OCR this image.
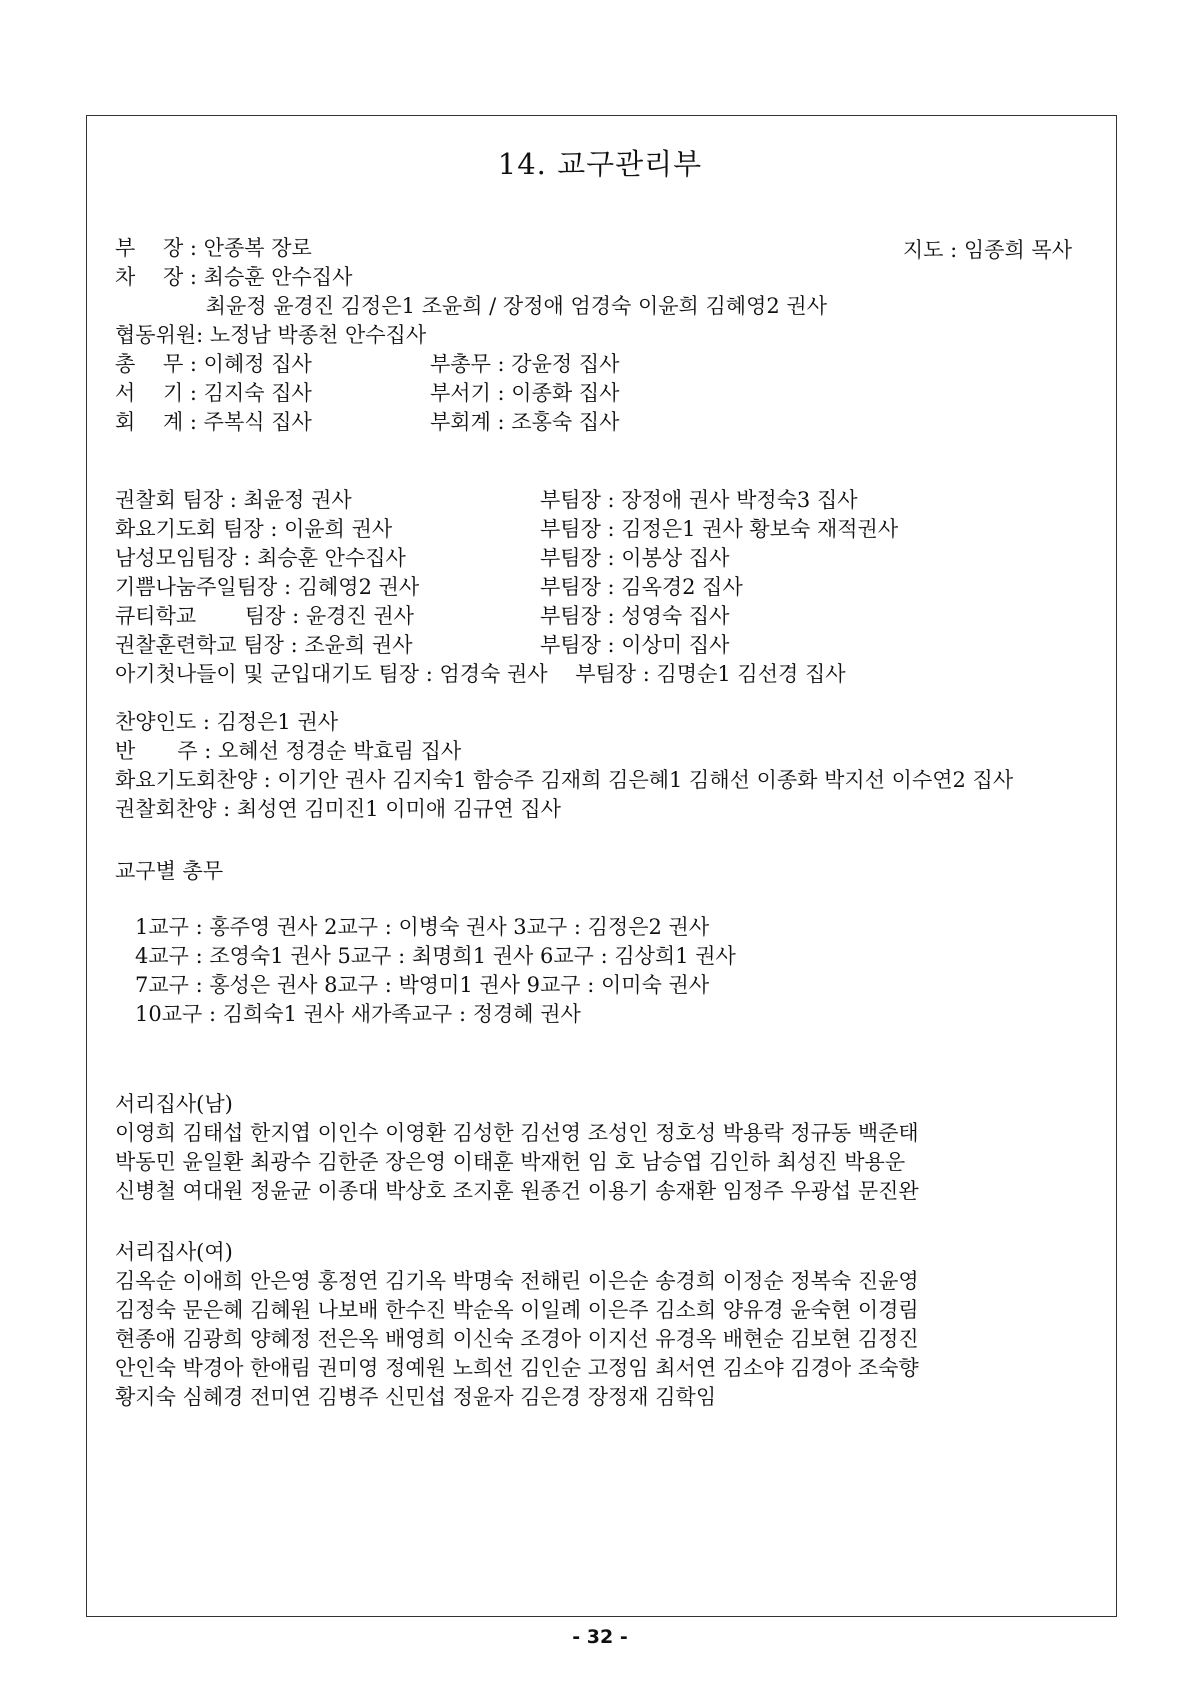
14. 교구관리부
지도 : 임종희 목사
부　 장 : 안종복 장로
차　 장 : 최승훈 안수집사
　　　　 최윤정 윤경진 김정은1 조윤희 / 장정애 엄경숙 이윤희 김혜영2 권사
협동위원: 노정남 박종천 안수집사
총　 무 : 이혜정 집사	부총무 : 강윤정 집사
서　 기 : 김지숙 집사	부서기 : 이종화 집사
회　 계 : 주복식 집사	부회계 : 조홍숙 집사
권찰회 팀장 : 최윤정 권사	부팀장 : 장정애 권사 박정숙3 집사
화요기도회 팀장 : 이윤희 권사	부팀장 : 김정은1 권사 황보숙 재적권사
남성모임팀장 : 최승훈 안수집사	부팀장 : 이봉상 집사
기쁨나눔주일팀장 : 김혜영2 권사	부팀장 : 김옥경2 집사
큐티학교　　 팀장 : 윤경진 권사	부팀장 : 성영숙 집사
권찰훈련학교 팀장 : 조윤희 권사	부팀장 : 이상미 집사
아기첫나들이 및 군입대기도 팀장 : 엄경숙 권사　 부팀장 : 김명순1 김선경 집사
찬양인도 : 김정은1 권사
반　　주 : 오혜선 정경순 박효림 집사
화요기도회찬양 : 이기안 권사 김지숙1 함승주 김재희 김은혜1 김해선 이종화 박지선 이수연2 집사
권찰회찬양 : 최성연 김미진1 이미애 김규연 집사
교구별 총무
1교구 : 홍주영 권사 2교구 : 이병숙 권사 3교구 : 김정은2 권사
4교구 : 조영숙1 권사 5교구 : 최명희1 권사 6교구 : 김상희1 권사
7교구 : 홍성은 권사 8교구 : 박영미1 권사 9교구 : 이미숙 권사
10교구 : 김희숙1 권사 새가족교구 : 정경혜 권사
서리집사(남)
이영희 김태섭 한지엽 이인수 이영환 김성한 김선영 조성인 정호성 박용락 정규동 백준태
박동민 윤일환 최광수 김한준 장은영 이태훈 박재헌 임 호 남승엽 김인하 최성진 박용운
신병철 여대원 정윤균 이종대 박상호 조지훈 원종건 이용기 송재환 임정주 우광섭 문진완
서리집사(여)
김옥순 이애희 안은영 홍정연 김기옥 박명숙 전해린 이은순 송경희 이정순 정복숙 진윤영
김정숙 문은혜 김혜원 나보배 한수진 박순옥 이일례 이은주 김소희 양유경 윤숙현 이경림
현종애 김광희 양혜정 전은옥 배영희 이신숙 조경아 이지선 유경옥 배현순 김보현 김정진
안인숙 박경아 한애림 권미영 정예원 노희선 김인순 고정임 최서연 김소야 김경아 조숙향
황지숙 심혜경 전미연 김병주 신민섭 정윤자 김은경 장정재 김학임
- 32 -
